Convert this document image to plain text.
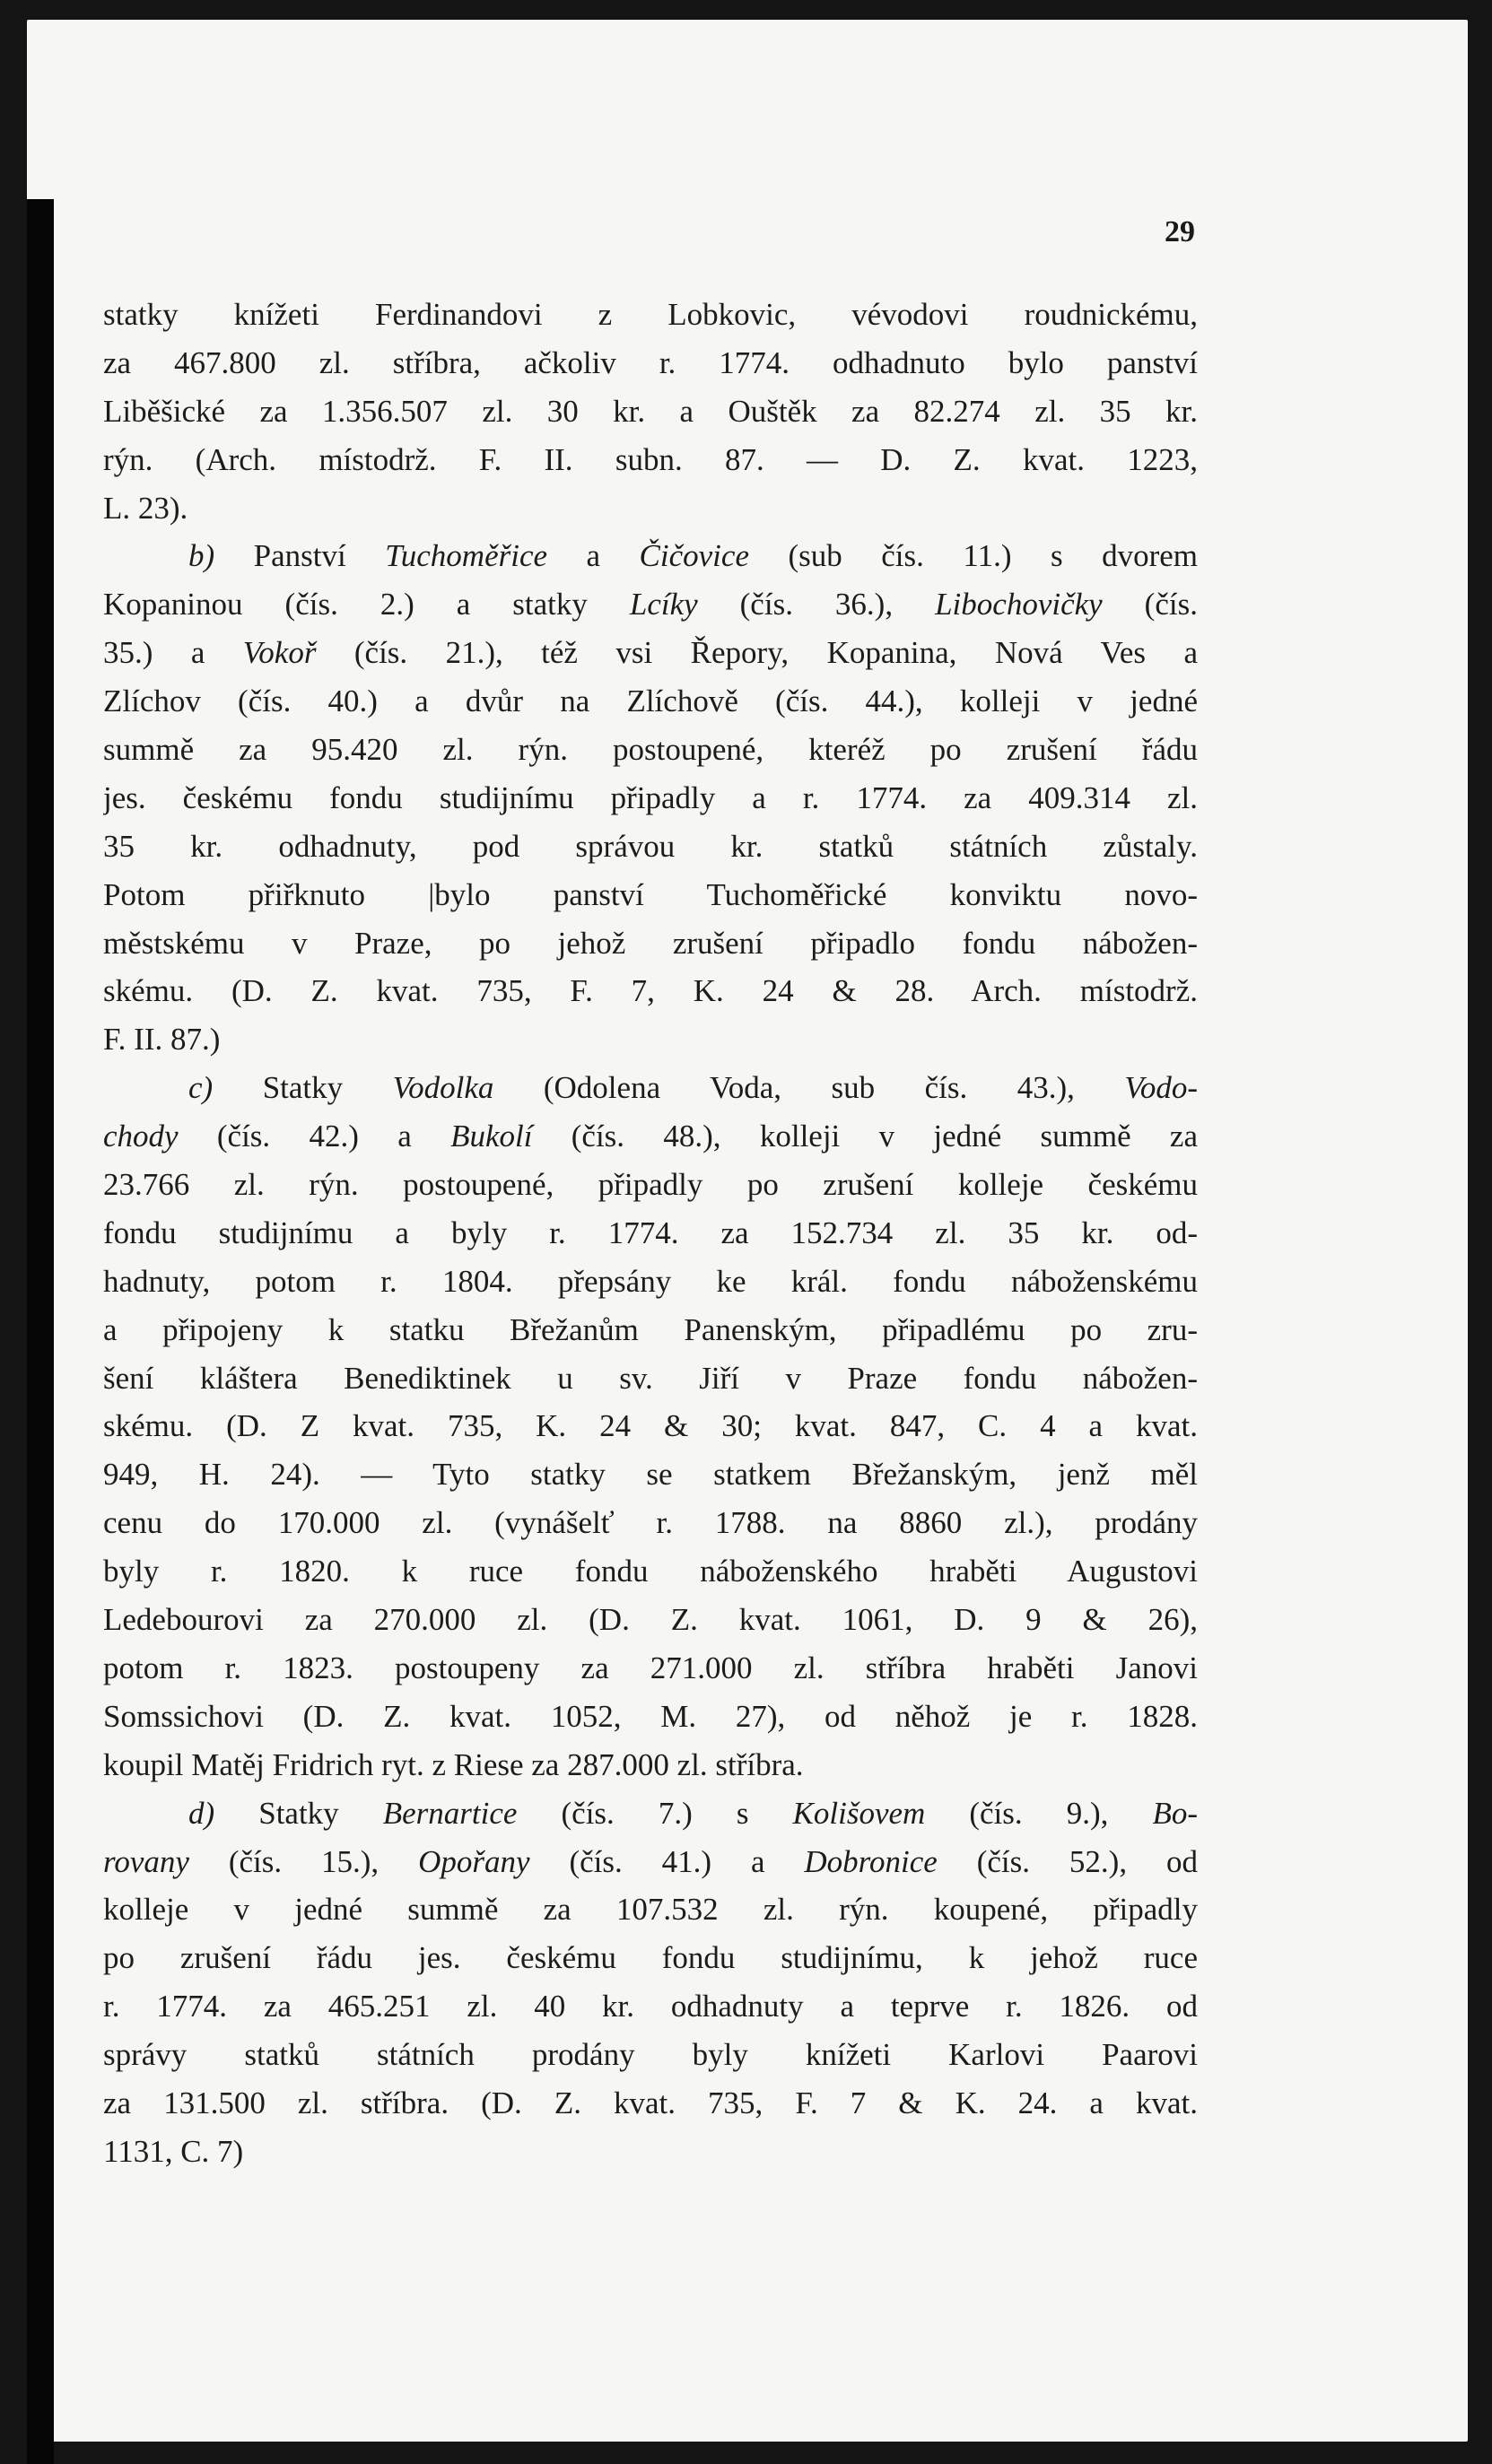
29

statky knížeti Ferdinandovi z Lobkovic, vévodovi roudnickému,

za 467.800 zl. stříbra, ačkoliv r. 1774. odhadnuto bylo panství

Liběšické za 1.356.507 zl. 30 kr. a Ouštěk za 82.274 zl. 35 kr.

rýn. (Arch. místodrž. F. II. subn. 87. — D. Z. kvat. 1223,

L. 23).

b) Panství Tuchoměřice a Čičovice (sub čís. 11.) s dvorem

Kopaninou (čís. 2.) a statky Lcíky (čís. 36.), Libochovičky (čís.

35.) a Vokoř (čís. 21.), též vsi Řepory, Kopanina, Nová Ves a

Zlíchov (čís. 40.) a dvůr na Zlíchově (čís. 44.), kolleji v jedné

summě za 95.420 zl. rýn. postoupené, kteréž po zrušení řádu

jes. českému fondu studijnímu připadly a r. 1774. za 409.314 zl.

35 kr. odhadnuty, pod správou kr. statků státních zůstaly.

Potom přiřknuto |bylo panství Tuchoměřické konviktu novo-

městskému v Praze, po jehož zrušení připadlo fondu nábožen-

skému. (D. Z. kvat. 735, F. 7, K. 24 & 28. Arch. místodrž.

F. II. 87.)

c) Statky Vodolka (Odolena Voda, sub čís. 43.), Vodo-

chody (čís. 42.) a Bukolí (čís. 48.), kolleji v jedné summě za

23.766 zl. rýn. postoupené, připadly po zrušení kolleje českému

fondu studijnímu a byly r. 1774. za 152.734 zl. 35 kr. od-

hadnuty, potom r. 1804. přepsány ke král. fondu náboženskému

a připojeny k statku Břežanům Panenským, připadlému po zru-

šení kláštera Benediktinek u sv. Jiří v Praze fondu nábožen-

skému. (D. Z kvat. 735, K. 24 & 30; kvat. 847, C. 4 a kvat.

949, H. 24). — Tyto statky se statkem Břežanským, jenž měl

cenu do 170.000 zl. (vynášelť r. 1788. na 8860 zl.), prodány

byly r. 1820. k ruce fondu náboženského hraběti Augustovi

Ledebourovi za 270.000 zl. (D. Z. kvat. 1061, D. 9 & 26),

potom r. 1823. postoupeny za 271.000 zl. stříbra hraběti Janovi

Somssichovi (D. Z. kvat. 1052, M. 27), od něhož je r. 1828.

koupil Matěj Fridrich ryt. z Riese za 287.000 zl. stříbra.

d) Statky Bernartice (čís. 7.) s Kolišovem (čís. 9.), Bo-

rovany (čís. 15.), Opořany (čís. 41.) a Dobronice (čís. 52.), od

kolleje v jedné summě za 107.532 zl. rýn. koupené, připadly

po zrušení řádu jes. českému fondu studijnímu, k jehož ruce

r. 1774. za 465.251 zl. 40 kr. odhadnuty a teprve r. 1826. od

správy statků státních prodány byly knížeti Karlovi Paarovi

za 131.500 zl. stříbra. (D. Z. kvat. 735, F. 7 & K. 24. a kvat.

1131, C. 7)
